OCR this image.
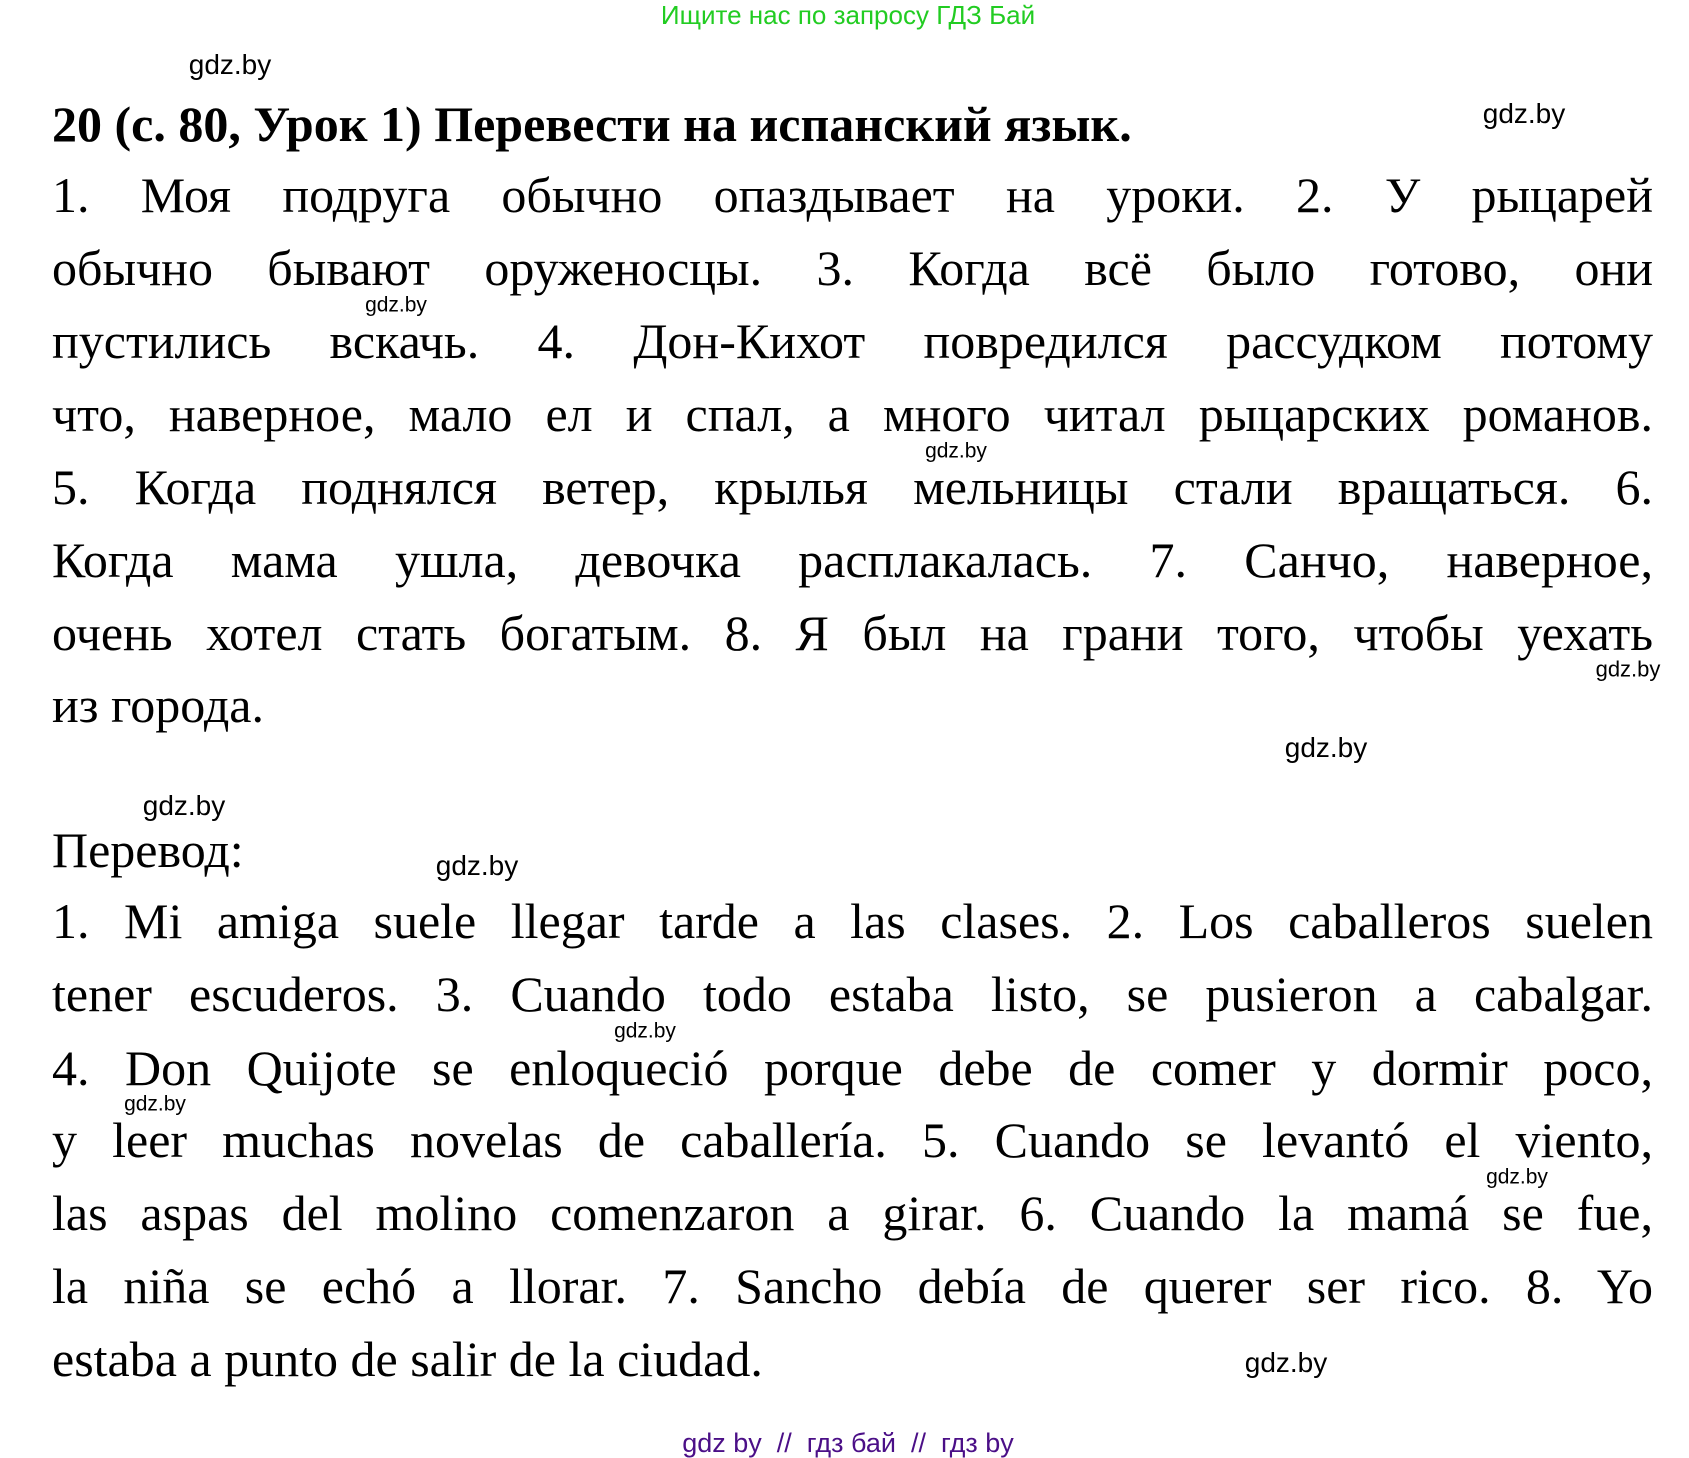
Ищите нас по запросу ГДЗ Бай
20 (с. 80, Урок 1) Перевести на испанский язык.
1. Моя подруга обычно опаздывает на уроки. 2. У рыцарей
обычно бывают оруженосцы. 3. Когда всё было готово, они
пустились вскачь. 4. Дон-Кихот повредился рассудком потому
что, наверное, мало ел и спал, а много читал рыцарских романов.
5. Когда поднялся ветер, крылья мельницы стали вращаться. 6.
Когда мама ушла, девочка расплакалась. 7. Санчо, наверное,
очень хотел стать богатым. 8. Я был на грани того, чтобы уехать
из города.
Перевод:
1. Mi amiga suele llegar tarde a las clases. 2. Los caballeros suelen
tener escuderos. 3. Cuando todo estaba listo, se pusieron a cabalgar.
4. Don Quijote se enloqueció porque debe de comer y dormir poco,
y leer muchas novelas de caballería. 5. Cuando se levantó el viento,
las aspas del molino comenzaron a girar. 6. Cuando la mamá se fue,
la niña se echó a llorar. 7. Sancho debía de querer ser rico. 8. Yo
estaba a punto de salir de la ciudad.
gdz.by
gdz.by
gdz.by
gdz.by
gdz.by
gdz.by
gdz.by
gdz.by
gdz.by
gdz.by
gdz.by
gdz.by
gdz by  //  гдз бай  //  гдз by
